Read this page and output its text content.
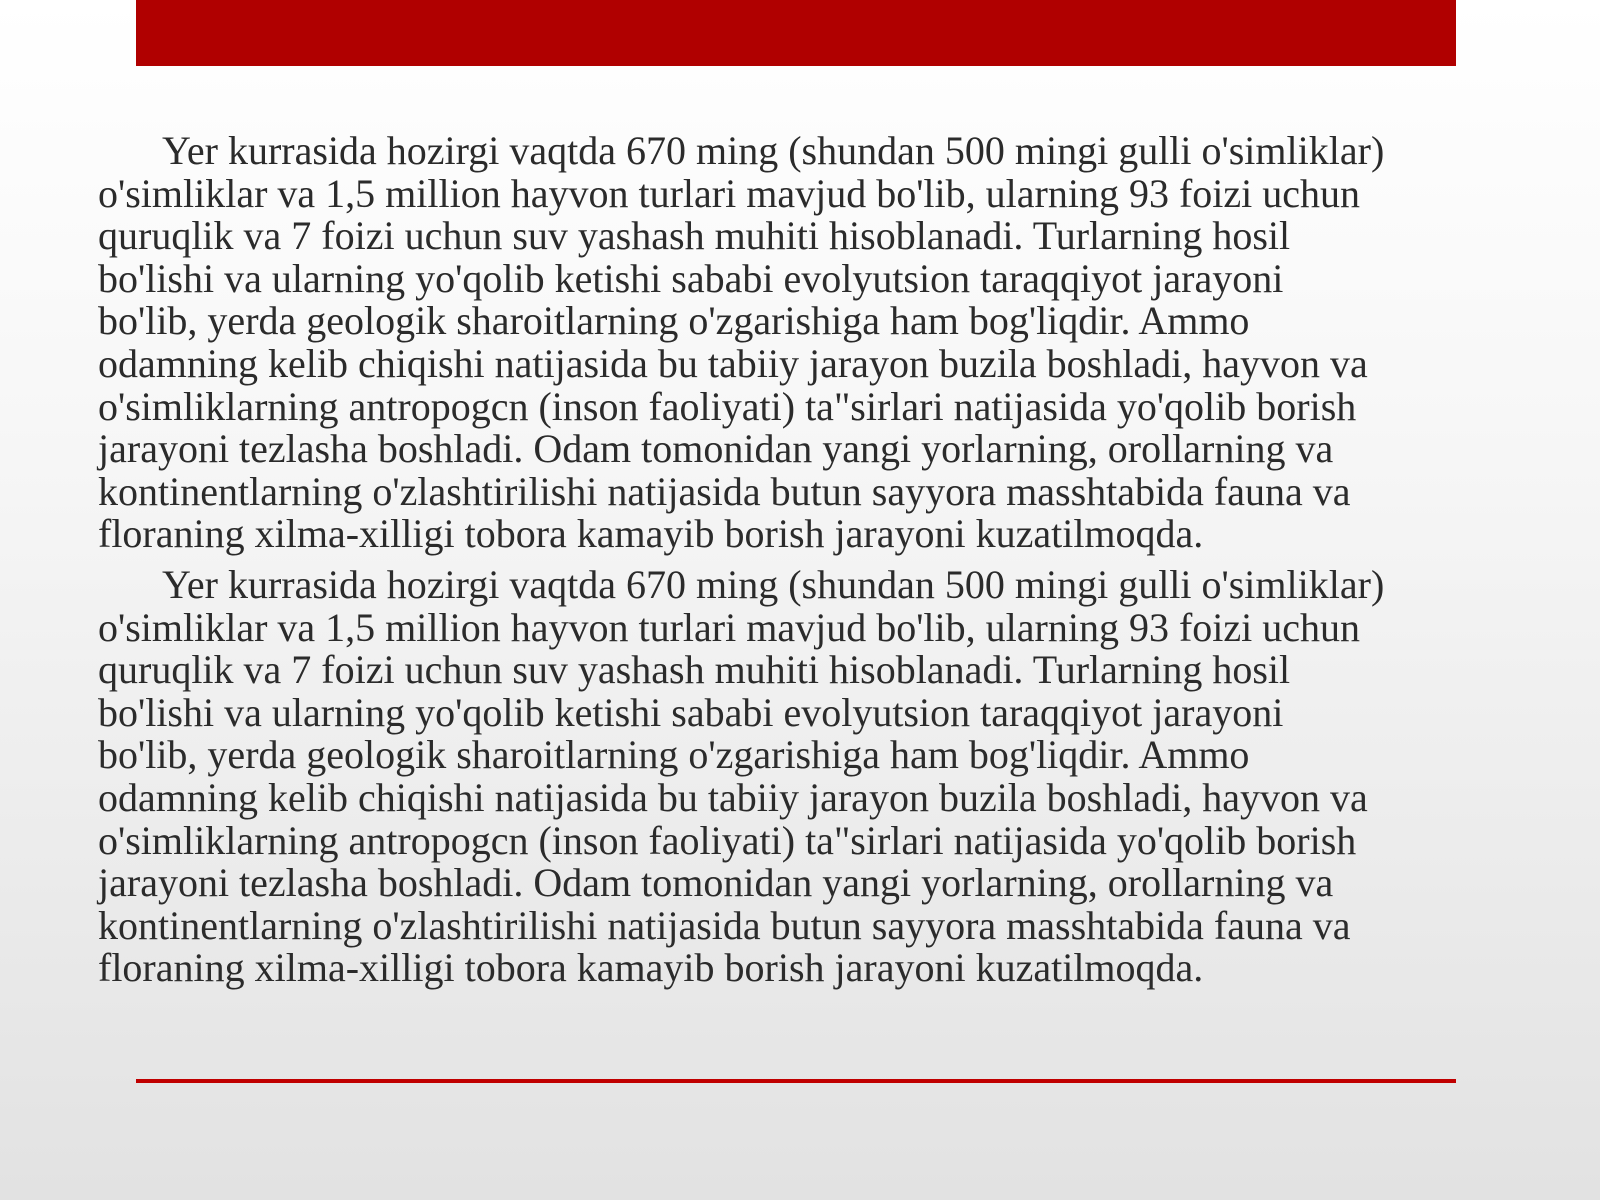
Yer kurrasida hozirgi vaqtda 670 ming (shundan 500 mingi gulli o'simliklar)
o'simliklar va 1,5 million hayvon turlari mavjud bo'lib, ularning 93 foizi uchun
quruqlik va 7 foizi uchun suv yashash muhiti hisoblanadi. Turlarning hosil
bo'lishi va ularning yo'qolib ketishi sababi evolyutsion taraqqiyot jarayoni
bo'lib, yerda geologik sharoitlarning o'zgarishiga ham bog'liqdir. Ammo
odamning kelib chiqishi natijasida bu tabiiy jarayon buzila boshladi, hayvon va
o'simliklarning antropogcn (inson faoliyati) ta"sirlari natijasida yo'qolib borish
jarayoni tezlasha boshladi. Odam tomonidan yangi yorlarning, orollarning va
kontinentlarning o'zlashtirilishi natijasida butun sayyora masshtabida fauna va
floraning xilma-xilligi tobora kamayib borish jarayoni kuzatilmoqda.

Yer kurrasida hozirgi vaqtda 670 ming (shundan 500 mingi gulli o'simliklar)
o'simliklar va 1,5 million hayvon turlari mavjud bo'lib, ularning 93 foizi uchun
quruqlik va 7 foizi uchun suv yashash muhiti hisoblanadi. Turlarning hosil
bo'lishi va ularning yo'qolib ketishi sababi evolyutsion taraqqiyot jarayoni
bo'lib, yerda geologik sharoitlarning o'zgarishiga ham bog'liqdir. Ammo
odamning kelib chiqishi natijasida bu tabiiy jarayon buzila boshladi, hayvon va
o'simliklarning antropogcn (inson faoliyati) ta"sirlari natijasida yo'qolib borish
jarayoni tezlasha boshladi. Odam tomonidan yangi yorlarning, orollarning va
kontinentlarning o'zlashtirilishi natijasida butun sayyora masshtabida fauna va
floraning xilma-xilligi tobora kamayib borish jarayoni kuzatilmoqda.
